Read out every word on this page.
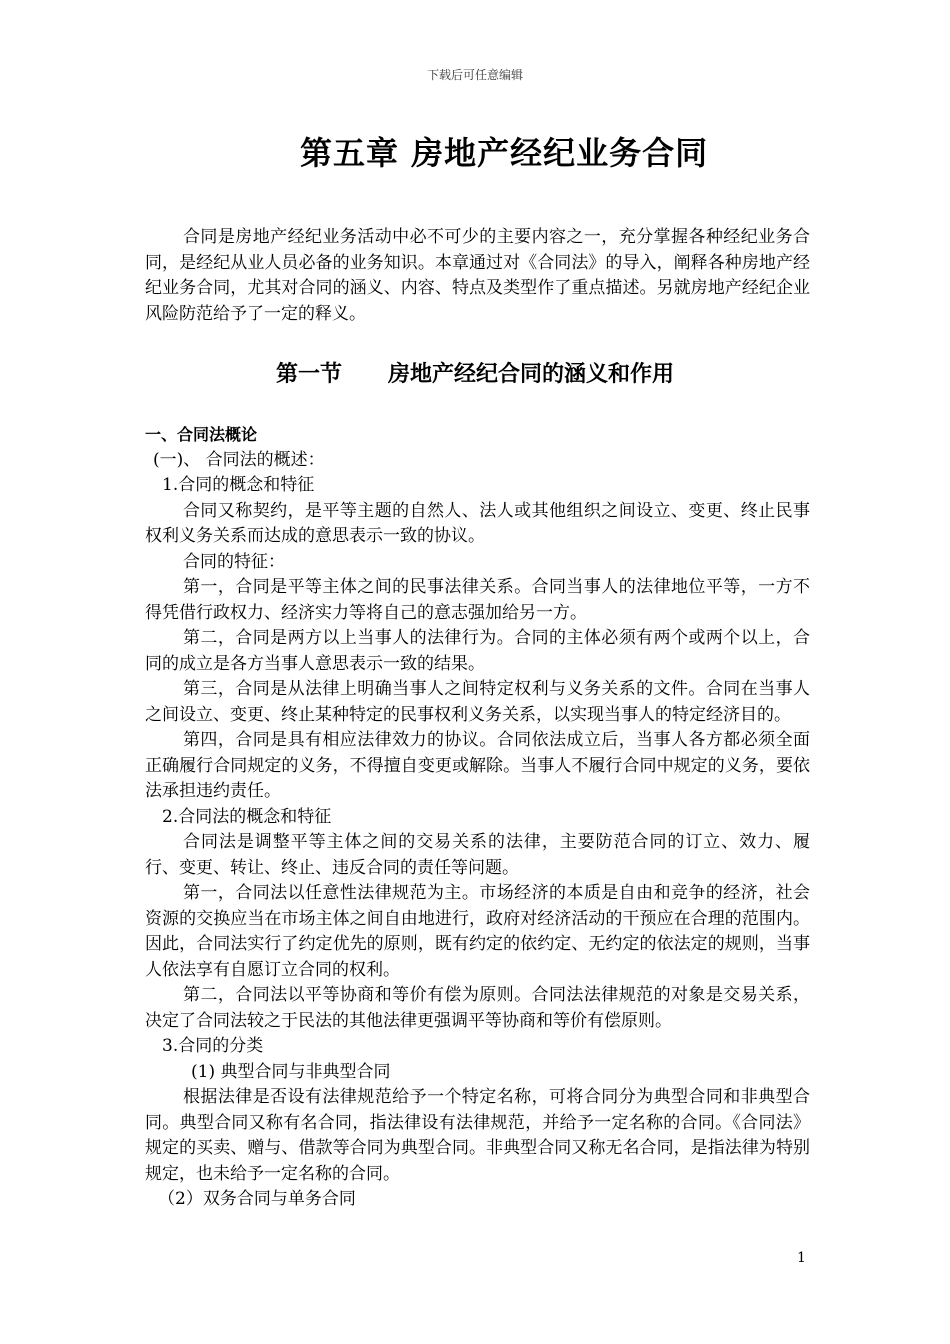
下载后可任意编辑
第五章 房地产经纪业务合同

合同是房地产经纪业务活动中必不可少的主要内容之一，充分掌握各种经纪业务合同，是经纪从业人员必备的业务知识。本章通过对《合同法》的导入，阐释各种房地产经纪业务合同，尤其对合同的涵义、内容、特点及类型作了重点描述。另就房地产经纪企业风险防范给予了一定的释义。

第一节      房地产经纪合同的涵义和作用

一、合同法概论

(一)、 合同法的概述：

1.合同的概念和特征

合同又称契约，是平等主题的自然人、法人或其他组织之间设立、变更、终止民事权利义务关系而达成的意思表示一致的协议。

合同的特征：

第一，合同是平等主体之间的民事法律关系。合同当事人的法律地位平等，一方不得凭借行政权力、经济实力等将自己的意志强加给另一方。

第二，合同是两方以上当事人的法律行为。合同的主体必须有两个或两个以上，合同的成立是各方当事人意思表示一致的结果。

第三，合同是从法律上明确当事人之间特定权利与义务关系的文件。合同在当事人之间设立、变更、终止某种特定的民事权利义务关系，以实现当事人的特定经济目的。

第四，合同是具有相应法律效力的协议。合同依法成立后，当事人各方都必须全面正确履行合同规定的义务，不得擅自变更或解除。当事人不履行合同中规定的义务，要依法承担违约责任。

2.合同法的概念和特征

合同法是调整平等主体之间的交易关系的法律，主要防范合同的订立、效力、履行、变更、转让、终止、违反合同的责任等问题。

第一，合同法以任意性法律规范为主。市场经济的本质是自由和竞争的经济，社会资源的交换应当在市场主体之间自由地进行，政府对经济活动的干预应在合理的范围内。因此，合同法实行了约定优先的原则，既有约定的依约定、无约定的依法定的规则，当事人依法享有自愿订立合同的权利。

第二，合同法以平等协商和等价有偿为原则。合同法法律规范的对象是交易关系，决定了合同法较之于民法的其他法律更强调平等协商和等价有偿原则。

3.合同的分类

(1) 典型合同与非典型合同

根据法律是否设有法律规范给予一个特定名称，可将合同分为典型合同和非典型合同。典型合同又称有名合同，指法律设有法律规范，并给予一定名称的合同。《合同法》规定的买卖、赠与、借款等合同为典型合同。非典型合同又称无名合同，是指法律为特别规定，也未给予一定名称的合同。

（2）双务合同与单务合同

1
